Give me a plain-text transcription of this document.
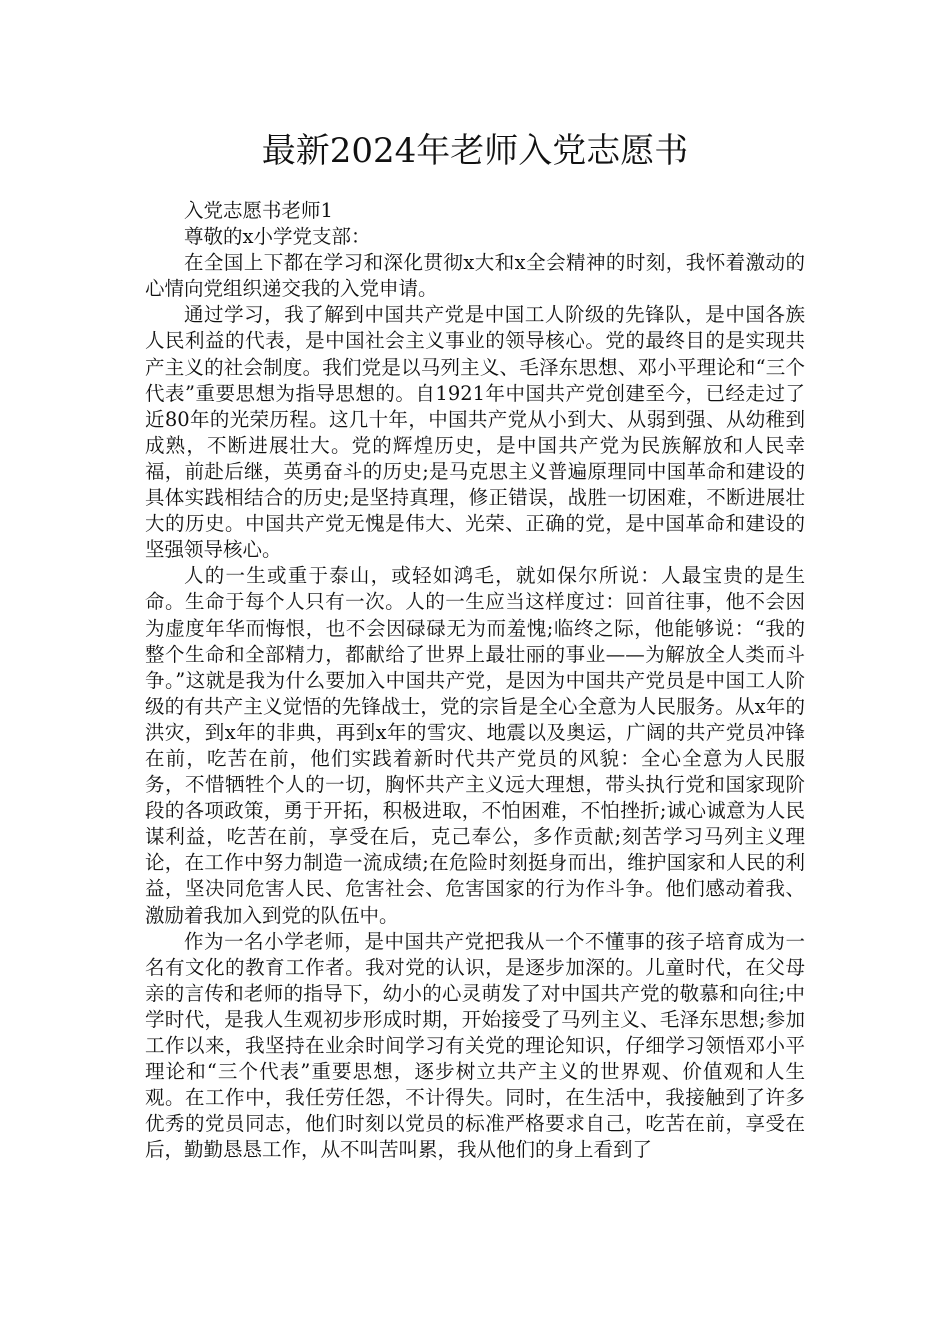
最新2024年老师入党志愿书

入党志愿书老师1

尊敬的x小学党支部：

在全国上下都在学习和深化贯彻x大和x全会精神的时刻，我怀着激动的心情向党组织递交我的入党申请。

通过学习，我了解到中国共产党是中国工人阶级的先锋队，是中国各族人民利益的代表，是中国社会主义事业的领导核心。党的最终目的是实现共产主义的社会制度。我们党是以马列主义、毛泽东思想、邓小平理论和“三个代表”重要思想为指导思想的。自1921年中国共产党创建至今，已经走过了近80年的光荣历程。这几十年，中国共产党从小到大、从弱到强、从幼稚到成熟，不断进展壮大。党的辉煌历史，是中国共产党为民族解放和人民幸福，前赴后继，英勇奋斗的历史;是马克思主义普遍原理同中国革命和建设的具体实践相结合的历史;是坚持真理，修正错误，战胜一切困难，不断进展壮大的历史。中国共产党无愧是伟大、光荣、正确的党，是中国革命和建设的坚强领导核心。

人的一生或重于泰山，或轻如鸿毛，就如保尔所说：人最宝贵的是生命。生命于每个人只有一次。人的一生应当这样度过：回首往事，他不会因为虚度年华而悔恨，也不会因碌碌无为而羞愧;临终之际，他能够说：“我的整个生命和全部精力，都献给了世界上最壮丽的事业——为解放全人类而斗争。”这就是我为什么要加入中国共产党，是因为中国共产党员是中国工人阶级的有共产主义觉悟的先锋战士，党的宗旨是全心全意为人民服务。从x年的洪灾，到x年的非典，再到x年的雪灾、地震以及奥运，广阔的共产党员冲锋在前，吃苦在前，他们实践着新时代共产党员的风貌：全心全意为人民服务，不惜牺牲个人的一切，胸怀共产主义远大理想，带头执行党和国家现阶段的各项政策，勇于开拓，积极进取，不怕困难，不怕挫折;诚心诚意为人民谋利益，吃苦在前，享受在后，克己奉公，多作贡献;刻苦学习马列主义理论，在工作中努力制造一流成绩;在危险时刻挺身而出，维护国家和人民的利益，坚决同危害人民、危害社会、危害国家的行为作斗争。他们感动着我、激励着我加入到党的队伍中。

作为一名小学老师，是中国共产党把我从一个不懂事的孩子培育成为一名有文化的教育工作者。我对党的认识，是逐步加深的。儿童时代，在父母亲的言传和老师的指导下，幼小的心灵萌发了对中国共产党的敬慕和向往;中学时代，是我人生观初步形成时期，开始接受了马列主义、毛泽东思想;参加工作以来，我坚持在业余时间学习有关党的理论知识，仔细学习领悟邓小平理论和“三个代表”重要思想，逐步树立共产主义的世界观、价值观和人生观。在工作中，我任劳任怨，不计得失。同时，在生活中，我接触到了许多优秀的党员同志，他们时刻以党员的标准严格要求自己，吃苦在前，享受在后，勤勤恳恳工作，从不叫苦叫累，我从他们的身上看到了
